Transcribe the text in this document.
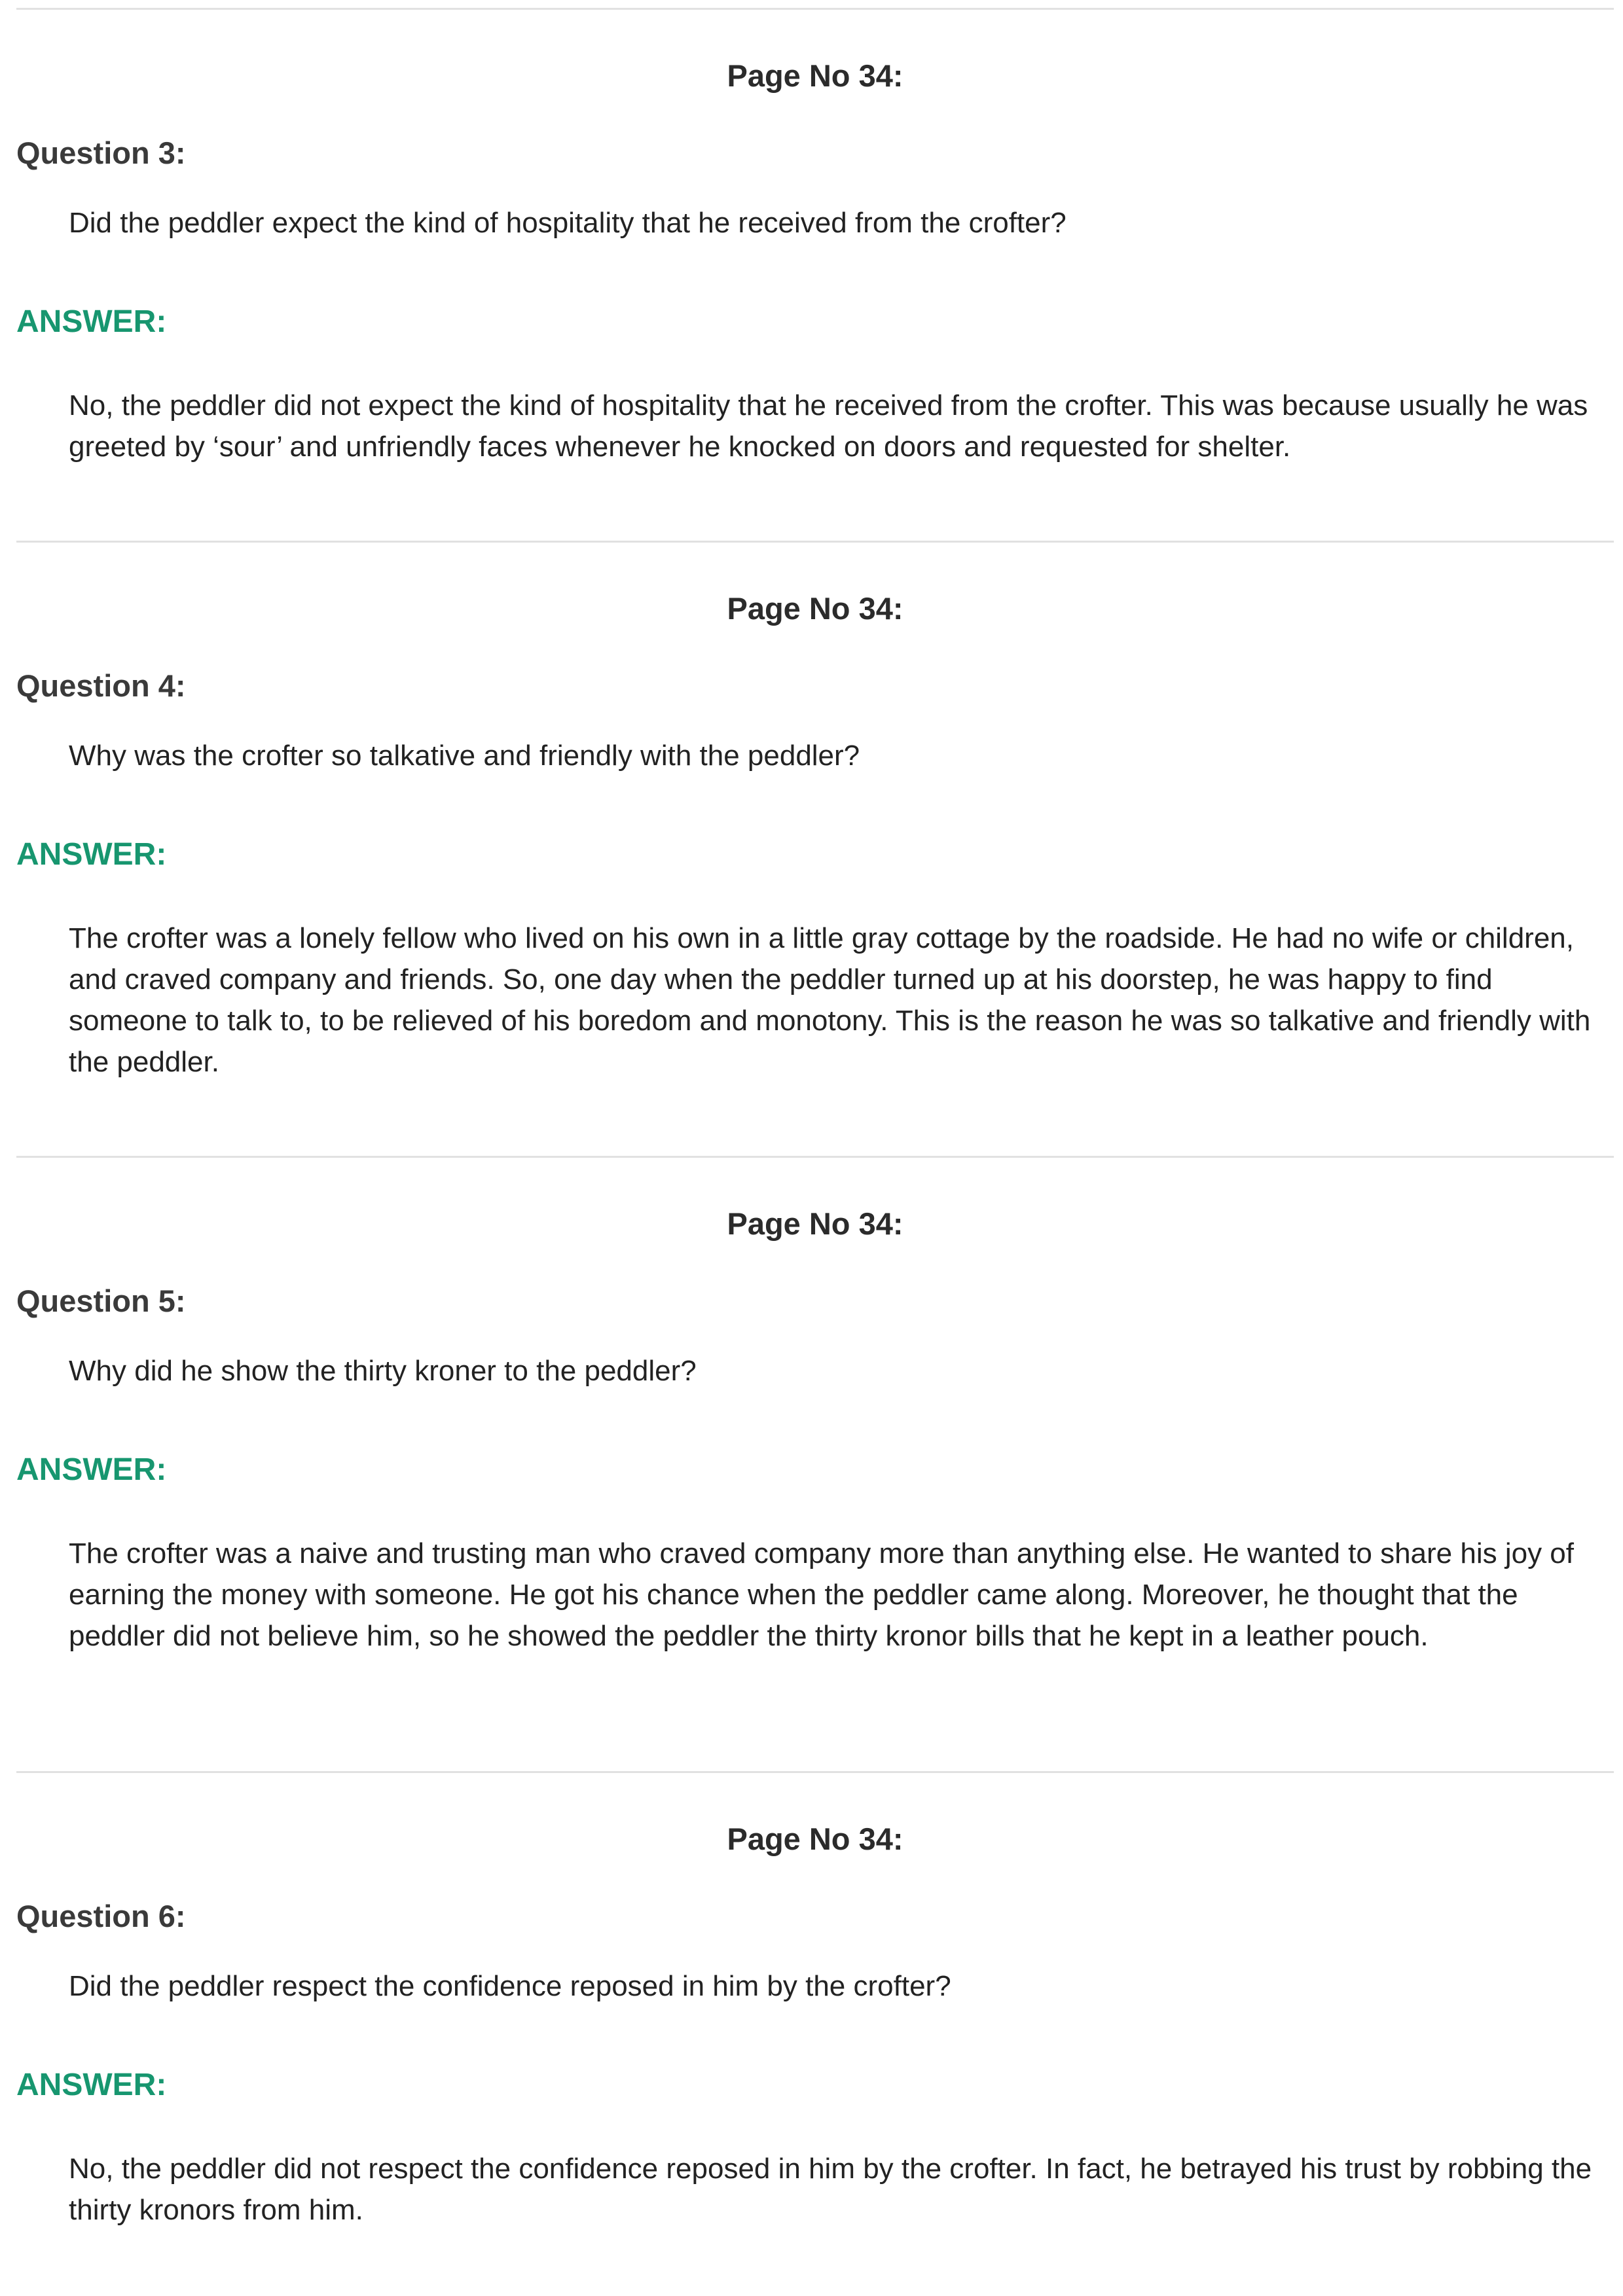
Page No 34:
Question 3:
Did the peddler expect the kind of hospitality that he received from the crofter?
ANSWER:
No, the peddler did not expect the kind of hospitality that he received from the crofter. This was because usually he was greeted by ‘sour’ and unfriendly faces whenever he knocked on doors and requested for shelter.
Page No 34:
Question 4:
Why was the crofter so talkative and friendly with the peddler?
ANSWER:
The crofter was a lonely fellow who lived on his own in a little gray cottage by the roadside. He had no wife or children, and craved company and friends. So, one day when the peddler turned up at his doorstep, he was happy to find someone to talk to, to be relieved of his boredom and monotony. This is the reason he was so talkative and friendly with the peddler.
Page No 34:
Question 5:
Why did he show the thirty kroner to the peddler?
ANSWER:
The crofter was a naive and trusting man who craved company more than anything else. He wanted to share his joy of earning the money with someone. He got his chance when the peddler came along. Moreover, he thought that the peddler did not believe him, so he showed the peddler the thirty kronor bills that he kept in a leather pouch.
Page No 34:
Question 6:
Did the peddler respect the confidence reposed in him by the crofter?
ANSWER:
No, the peddler did not respect the confidence reposed in him by the crofter. In fact, he betrayed his trust by robbing the thirty kronors from him.
